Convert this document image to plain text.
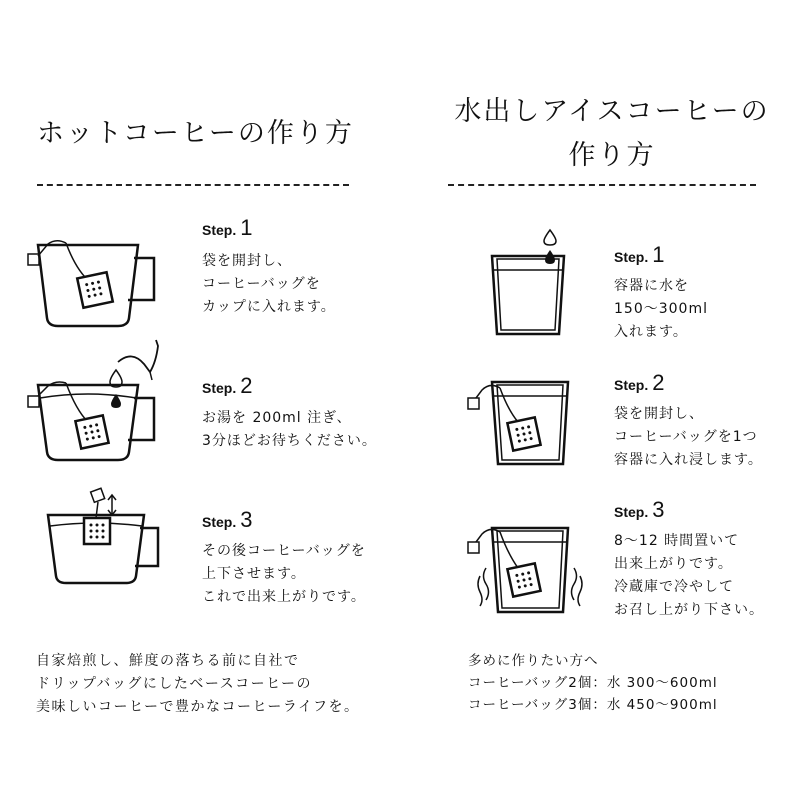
ホットコーヒーの作り方
Step. 1
袋を開封し、
コーヒーバッグを
カップに入れます。
Step. 2
お湯を 200ml 注ぎ、
3分ほどお待ちください。
Step. 3
その後コーヒーバッグを
上下させます。
これで出来上がりです。
自家焙煎し、鮮度の落ちる前に自社で
ドリップバッグにしたベースコーヒーの
美味しいコーヒーで豊かなコーヒーライフを。
水出しアイスコーヒーの
作り方
Step. 1
容器に水を
150～300ml
入れます。
Step. 2
袋を開封し、
コーヒーバッグを1つ
容器に入れ浸します。
Step. 3
8～12 時間置いて
出来上がりです。
冷蔵庫で冷やして
お召し上がり下さい。
多めに作りたい方へ
コーヒーバッグ2個：水 300～600ml
コーヒーバッグ3個：水 450～900ml
